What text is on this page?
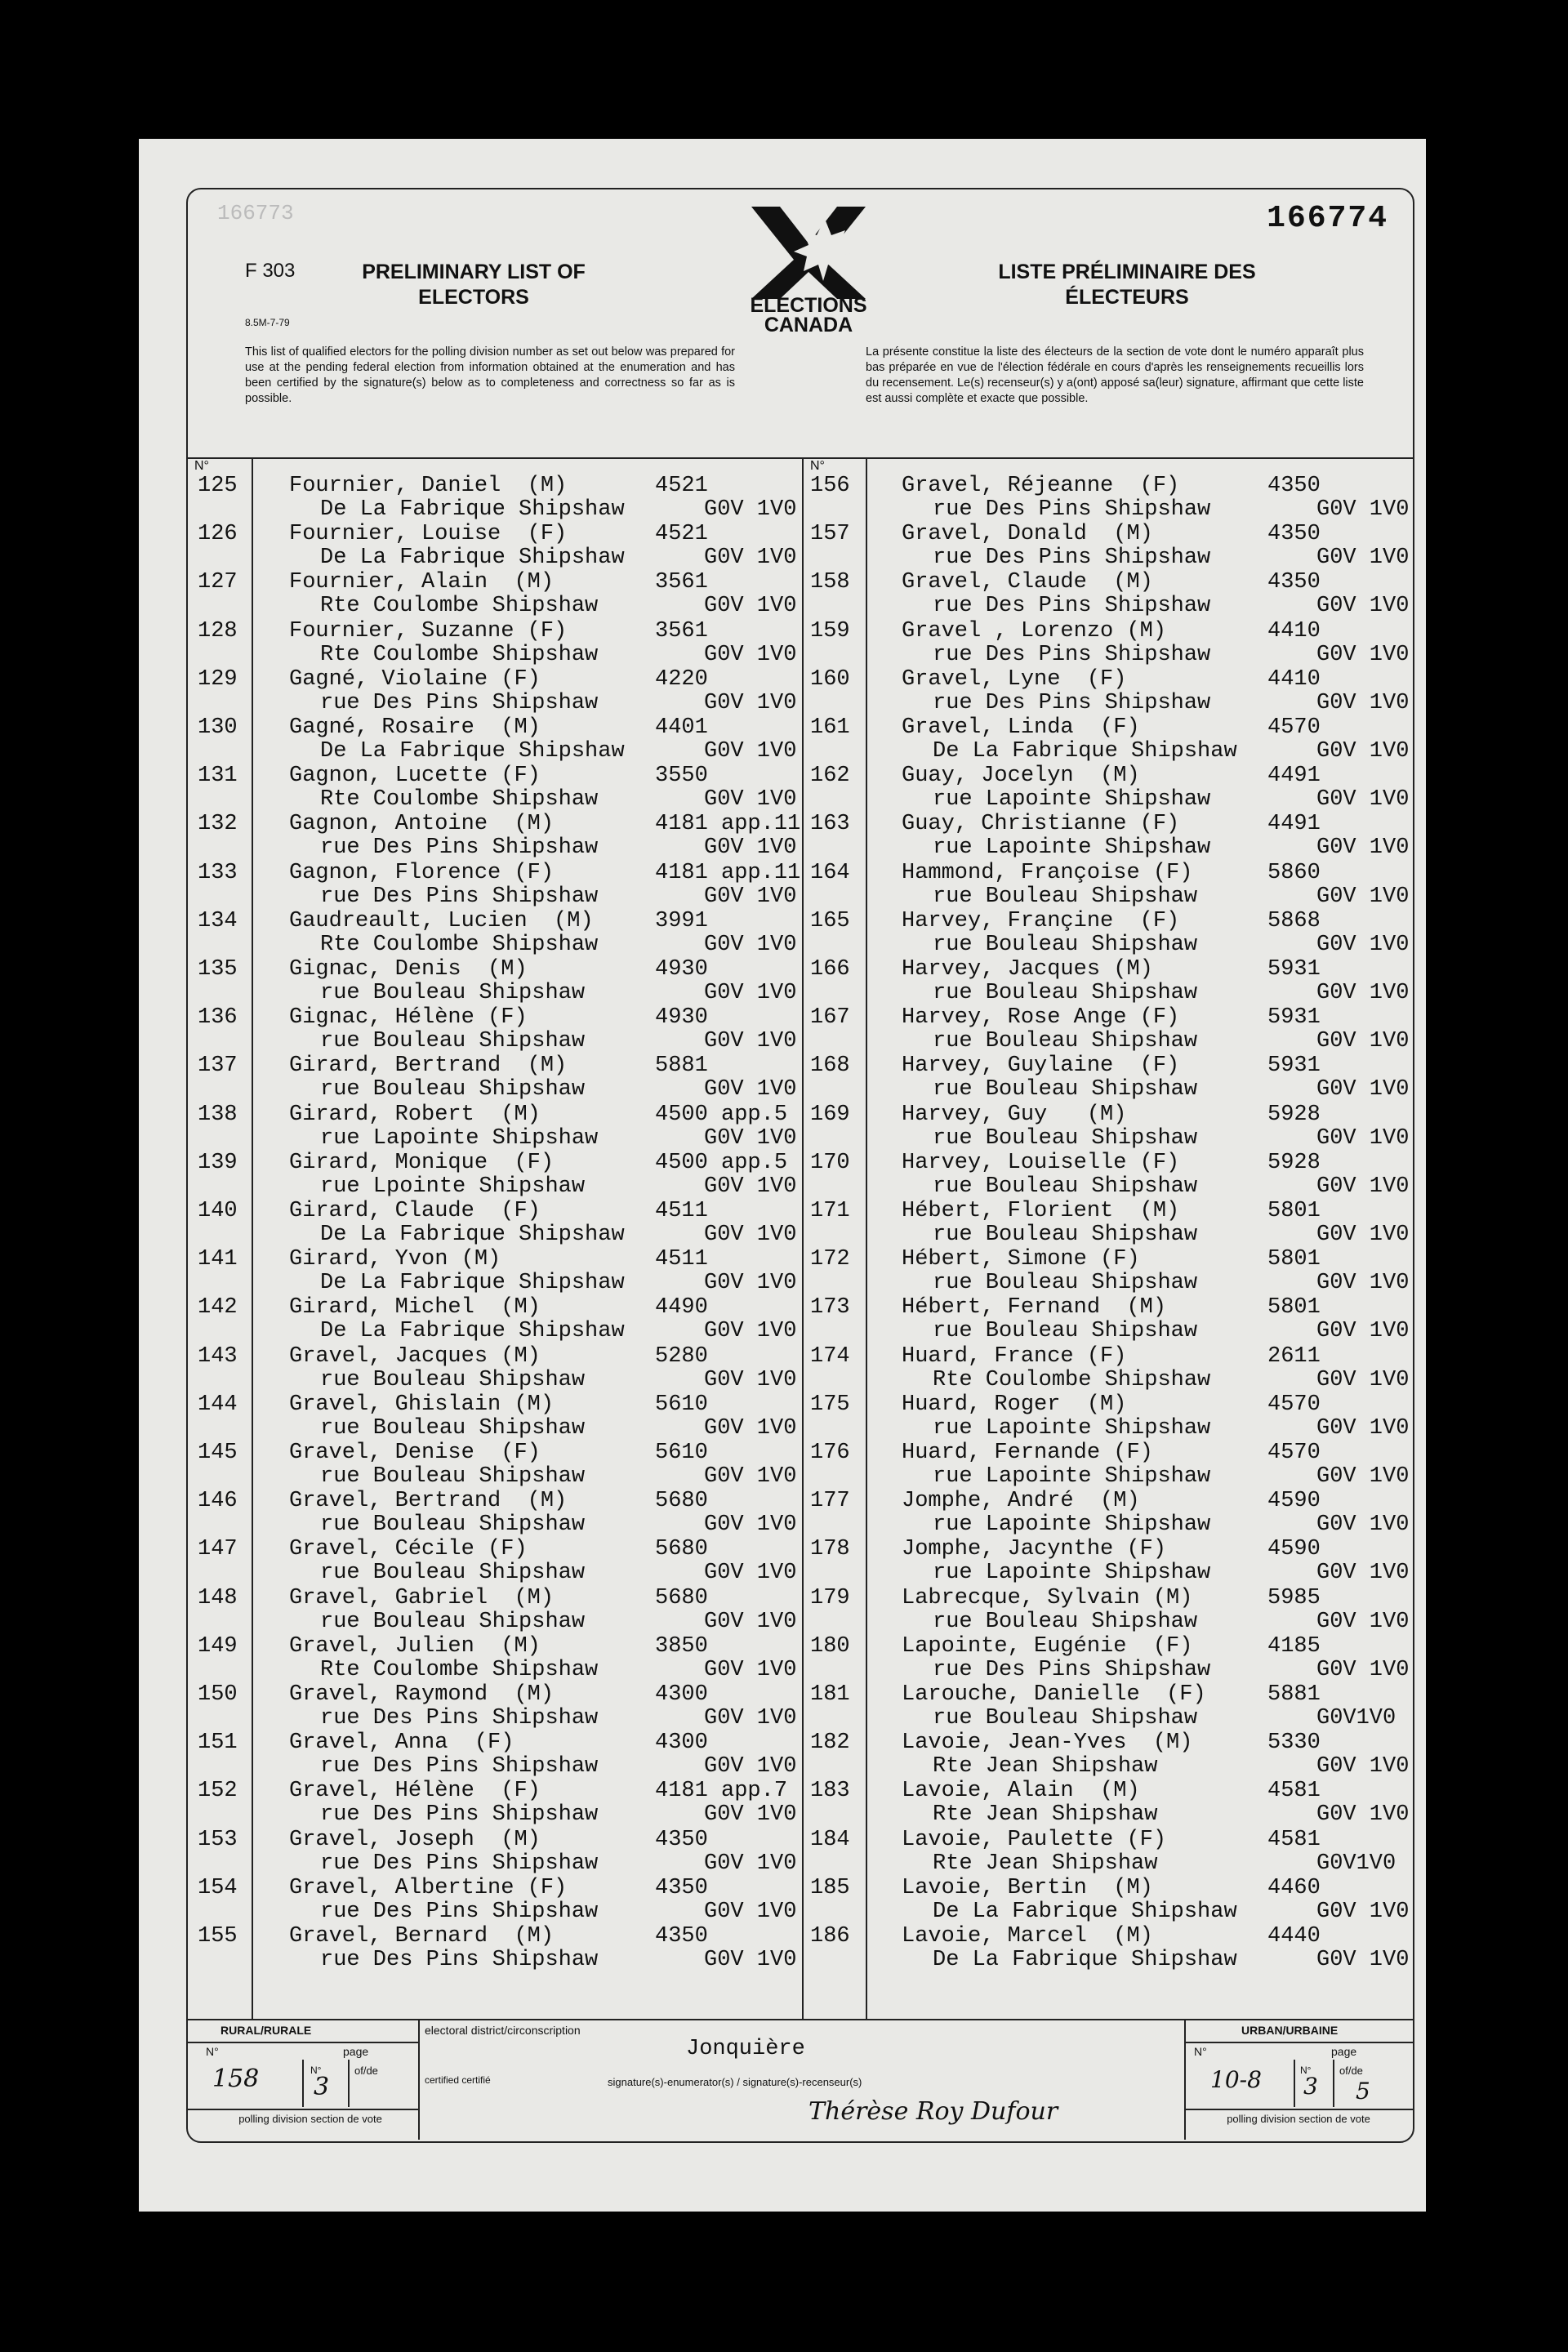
166773	166774
F 303
8.5M-7-79
PRELIMINARY LIST OF ELECTORS
LISTE PRÉLIMINAIRE DES ÉLECTEURS
ELECTIONS CANADA
This list of qualified electors for the polling division number as set out below was prepared for use at the pending federal election from information obtained at the enumeration and has been certified by the signature(s) below as to completeness and correctness so far as is possible.
La présente constitue la liste des électeurs de la section de vote dont le numéro apparaît plus bas préparée en vue de l'élection fédérale en cours d'après les renseignements recueillis lors du recensement. Le(s) recenseur(s) y a(ont) apposé sa(leur) signature, affirmant que cette liste est aussi complète et exacte que possible.
N°	N°
125	Fournier, Daniel  (M)	4521
De La Fabrique Shipshaw	G0V 1V0
126	Fournier, Louise  (F)	4521
De La Fabrique Shipshaw	G0V 1V0
127	Fournier, Alain  (M)	3561
Rte Coulombe Shipshaw	G0V 1V0
128	Fournier, Suzanne (F)	3561
Rte Coulombe Shipshaw	G0V 1V0
129	Gagné, Violaine (F)	4220
rue Des Pins Shipshaw	G0V 1V0
130	Gagné, Rosaire  (M)	4401
De La Fabrique Shipshaw	G0V 1V0
131	Gagnon, Lucette (F)	3550
Rte Coulombe Shipshaw	G0V 1V0
132	Gagnon, Antoine  (M)	4181 app.11
rue Des Pins Shipshaw	G0V 1V0
133	Gagnon, Florence (F)	4181 app.11
rue Des Pins Shipshaw	G0V 1V0
134	Gaudreault, Lucien  (M)	3991
Rte Coulombe Shipshaw	G0V 1V0
135	Gignac, Denis  (M)	4930
rue Bouleau Shipshaw	G0V 1V0
136	Gignac, Hélène (F)	4930
rue Bouleau Shipshaw	G0V 1V0
137	Girard, Bertrand  (M)	5881
rue Bouleau Shipshaw	G0V 1V0
138	Girard, Robert  (M)	4500 app.5
rue Lapointe Shipshaw	G0V 1V0
139	Girard, Monique  (F)	4500 app.5
rue Lpointe Shipshaw	G0V 1V0
140	Girard, Claude  (F)	4511
De La Fabrique Shipshaw	G0V 1V0
141	Girard, Yvon (M)	4511
De La Fabrique Shipshaw	G0V 1V0
142	Girard, Michel  (M)	4490
De La Fabrique Shipshaw	G0V 1V0
143	Gravel, Jacques (M)	5280
rue Bouleau Shipshaw	G0V 1V0
144	Gravel, Ghislain (M)	5610
rue Bouleau Shipshaw	G0V 1V0
145	Gravel, Denise  (F)	5610
rue Bouleau Shipshaw	G0V 1V0
146	Gravel, Bertrand  (M)	5680
rue Bouleau Shipshaw	G0V 1V0
147	Gravel, Cécile (F)	5680
rue Bouleau Shipshaw	G0V 1V0
148	Gravel, Gabriel  (M)	5680
rue Bouleau Shipshaw	G0V 1V0
149	Gravel, Julien  (M)	3850
Rte Coulombe Shipshaw	G0V 1V0
150	Gravel, Raymond  (M)	4300
rue Des Pins Shipshaw	G0V 1V0
151	Gravel, Anna  (F)	4300
rue Des Pins Shipshaw	G0V 1V0
152	Gravel, Hélène  (F)	4181 app.7
rue Des Pins Shipshaw	G0V 1V0
153	Gravel, Joseph  (M)	4350
rue Des Pins Shipshaw	G0V 1V0
154	Gravel, Albertine (F)	4350
rue Des Pins Shipshaw	G0V 1V0
155	Gravel, Bernard  (M)	4350
rue Des Pins Shipshaw	G0V 1V0
156	Gravel, Réjeanne  (F)	4350
rue Des Pins Shipshaw	G0V 1V0
157	Gravel, Donald  (M)	4350
rue Des Pins Shipshaw	G0V 1V0
158	Gravel, Claude  (M)	4350
rue Des Pins Shipshaw	G0V 1V0
159	Gravel , Lorenzo (M)	4410
rue Des Pins Shipshaw	G0V 1V0
160	Gravel, Lyne  (F)	4410
rue Des Pins Shipshaw	G0V 1V0
161	Gravel, Linda  (F)	4570
De La Fabrique Shipshaw	G0V 1V0
162	Guay, Jocelyn  (M)	4491
rue Lapointe Shipshaw	G0V 1V0
163	Guay, Christianne (F)	4491
rue Lapointe Shipshaw	G0V 1V0
164	Hammond, Françoise (F)	5860
rue Bouleau Shipshaw	G0V 1V0
165	Harvey, Françine  (F)	5868
rue Bouleau Shipshaw	G0V 1V0
166	Harvey, Jacques (M)	5931
rue Bouleau Shipshaw	G0V 1V0
167	Harvey, Rose Ange (F)	5931
rue Bouleau Shipshaw	G0V 1V0
168	Harvey, Guylaine  (F)	5931
rue Bouleau Shipshaw	G0V 1V0
169	Harvey, Guy   (M)	5928
rue Bouleau Shipshaw	G0V 1V0
170	Harvey, Louiselle (F)	5928
rue Bouleau Shipshaw	G0V 1V0
171	Hébert, Florient  (M)	5801
rue Bouleau Shipshaw	G0V 1V0
172	Hébert, Simone (F)	5801
rue Bouleau Shipshaw	G0V 1V0
173	Hébert, Fernand  (M)	5801
rue Bouleau Shipshaw	G0V 1V0
174	Huard, France (F)	2611
Rte Coulombe Shipshaw	G0V 1V0
175	Huard, Roger  (M)	4570
rue Lapointe Shipshaw	G0V 1V0
176	Huard, Fernande (F)	4570
rue Lapointe Shipshaw	G0V 1V0
177	Jomphe, André  (M)	4590
rue Lapointe Shipshaw	G0V 1V0
178	Jomphe, Jacynthe (F)	4590
rue Lapointe Shipshaw	G0V 1V0
179	Labrecque, Sylvain (M)	5985
rue Bouleau Shipshaw	G0V 1V0
180	Lapointe, Eugénie  (F)	4185
rue Des Pins Shipshaw	G0V 1V0
181	Larouche, Danielle  (F)	5881
rue Bouleau Shipshaw	G0V1V0
182	Lavoie, Jean-Yves  (M)	5330
Rte Jean Shipshaw	G0V 1V0
183	Lavoie, Alain  (M)	4581
Rte Jean Shipshaw	G0V 1V0
184	Lavoie, Paulette (F)	4581
Rte Jean Shipshaw	G0V1V0
185	Lavoie, Bertin  (M)	4460
De La Fabrique Shipshaw	G0V 1V0
186	Lavoie, Marcel  (M)	4440
De La Fabrique Shipshaw	G0V 1V0
RURAL/RURALE	URBAN/URBAINE
electoral district/circonscription
Jonquière
N°	page
158	N°
3
of/de
certified certifié	signature(s)-enumerator(s) / signature(s)-recenseur(s)
Thérèse Roy Dufour
polling division section de vote
N°	page
10-8	N°
3
of/de
5
polling division section de vote
